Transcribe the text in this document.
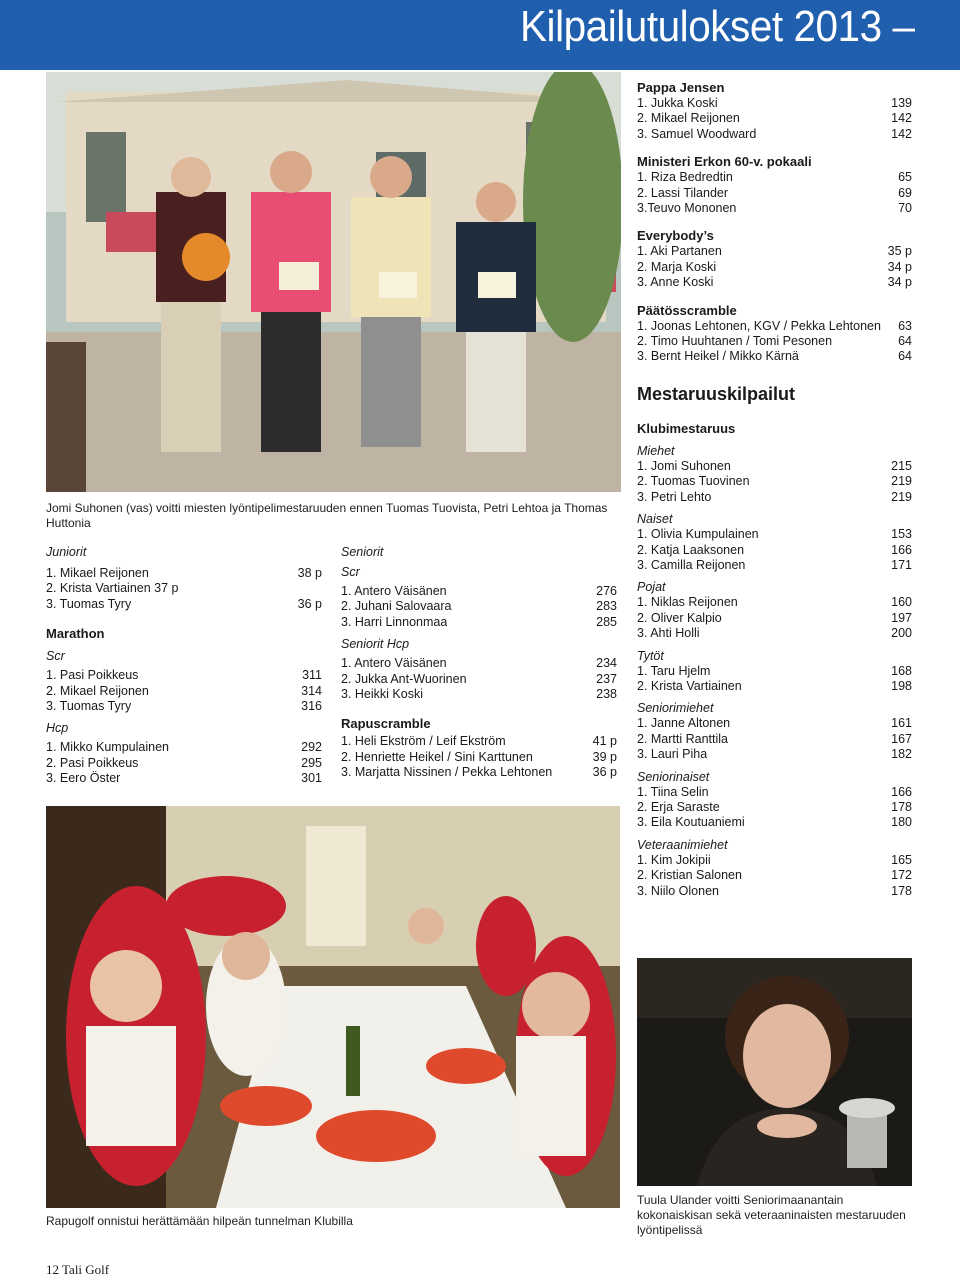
Kilpailutulokset 2013 –
Jomi Suhonen (vas) voitti miesten lyöntipelimestaruuden ennen Tuomas Tuovista, Petri Lehtoa ja Thomas Huttonia
Juniorit
1. Mikael Reijonen	38 p
2. Krista Vartiainen 37 p
3. Tuomas Tyry	36 p
Marathon
Scr
1. Pasi Poikkeus	311
2. Mikael Reijonen	314
3. Tuomas Tyry	316
Hcp
1. Mikko Kumpulainen	292
2. Pasi Poikkeus	295
3. Eero Öster	301
Seniorit
Scr
1. Antero Väisänen	276
2. Juhani Salovaara	283
3. Harri Linnonmaa	285
Seniorit Hcp
1. Antero Väisänen	234
2. Jukka Ant-Wuorinen	237
3. Heikki Koski	238
Rapuscramble
1. Heli Ekström / Leif Ekström	41 p
2. Henriette Heikel / Sini Karttunen	39 p
3. Marjatta Nissinen / Pekka Lehtonen	36 p
Rapugolf onnistui herättämään hilpeän tunnelman Klubilla
Pappa Jensen
1. Jukka Koski	139
2. Mikael Reijonen	142
3. Samuel Woodward	142
Ministeri Erkon 60-v. pokaali
1. Riza Bedredtin	65
2. Lassi Tilander	69
3.Teuvo Mononen	70
Everybody’s
1. Aki Partanen	35 p
2. Marja Koski	34 p
3. Anne Koski	34 p
Päätösscramble
1. Joonas Lehtonen, KGV / Pekka Lehtonen 63
2. Timo Huuhtanen / Tomi Pesonen	64
3. Bernt Heikel / Mikko Kärnä	64
Mestaruuskilpailut
Klubimestaruus
Miehet
1. Jomi Suhonen	215
2. Tuomas Tuovinen	219
3. Petri Lehto	219
Naiset
1. Olivia Kumpulainen	153
2. Katja Laaksonen	166
3. Camilla Reijonen	171
Pojat
1. Niklas Reijonen	160
2. Oliver Kalpio	197
3. Ahti Holli	200
Tytöt
1. Taru Hjelm	168
2. Krista Vartiainen	198
Seniorimiehet
1. Janne Altonen	161
2. Martti Ranttila	167
3. Lauri Piha	182
Seniorinaiset
1. Tiina Selin	166
2. Erja Saraste	178
3. Eila Koutuaniemi	180
Veteraanimiehet
1. Kim Jokipii	165
2. Kristian Salonen	172
3. Niilo Olonen	178
Tuula Ulander voitti Seniorimaanantain kokonaiskisan sekä veteraaninaisten mestaruuden lyöntipelissä
12 Tali Golf
